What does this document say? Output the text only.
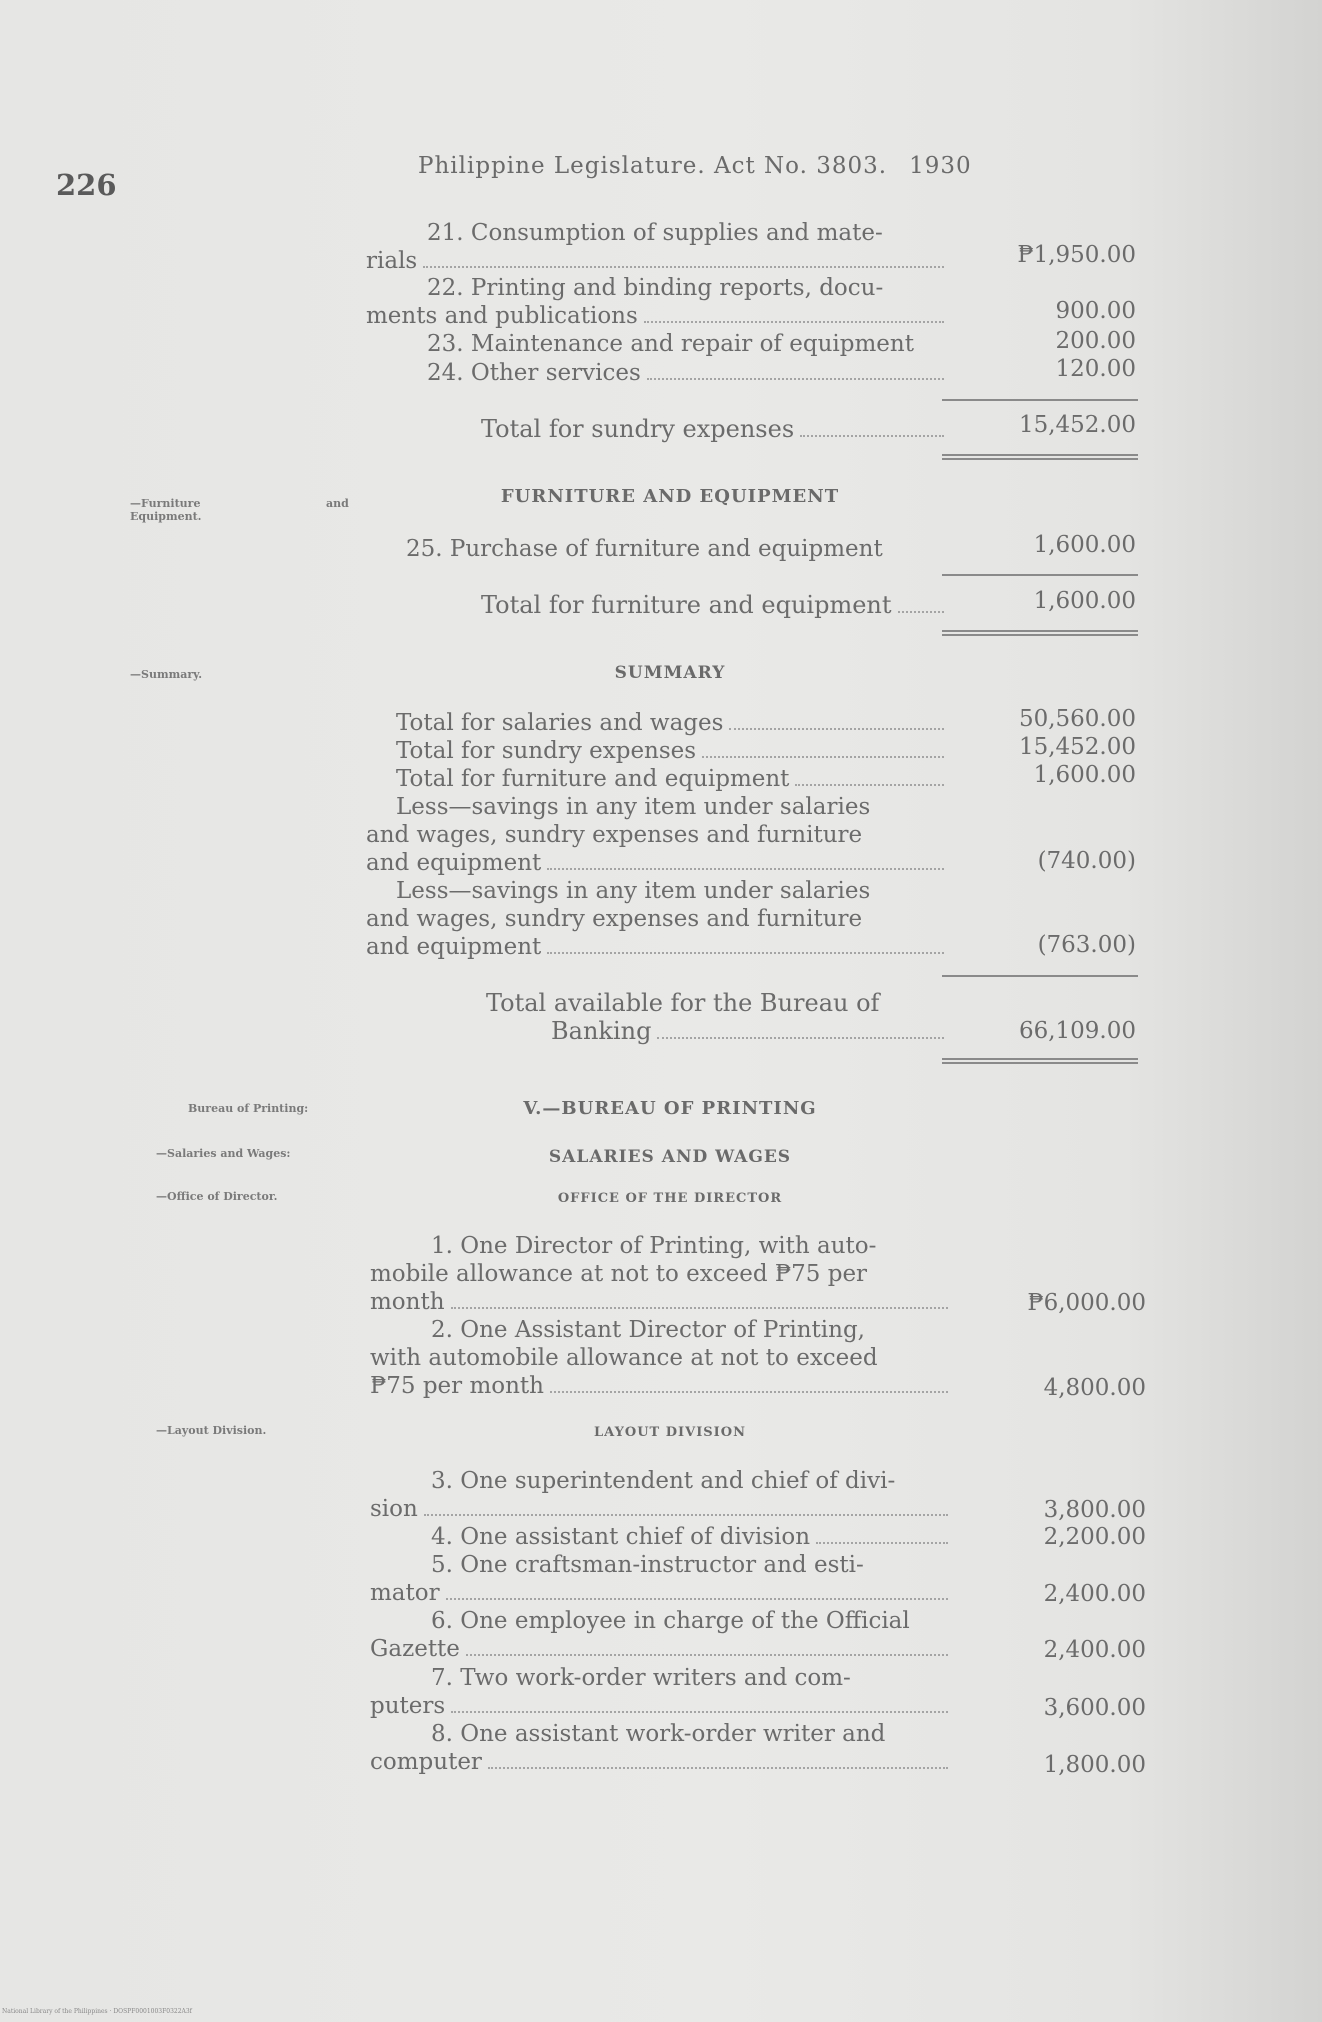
226
Philippine Legislature. Act No. 3803. 1930

21. Consumption of supplies and mate-

rials	₱1,950.00

22. Printing and binding reports, docu-

ments and publications	900.00
23. Maintenance and repair of equipment	200.00
24. Other services	120.00
Total for sundry expenses	15,452.00
—Furniture	and

Equipment.
FURNITURE AND EQUIPMENT
25. Purchase of furniture and equipment	1,600.00
Total for furniture and equipment	1,600.00
—Summary.	SUMMARY
Total for salaries and wages	50,560.00
Total for sundry expenses	15,452.00
Total for furniture and equipment	1,600.00

Less—savings in any item under salaries

and wages, sundry expenses and furniture

and equipment	(740.00)

Less—savings in any item under salaries

and wages, sundry expenses and furniture

and equipment	(763.00)

Total available for the Bureau of

Banking	66,109.00
Bureau of Printing:	V.—BUREAU OF PRINTING
—Salaries and Wages:	SALARIES AND WAGES
—Office of Director.	OFFICE OF THE DIRECTOR

1. One Director of Printing, with auto-

mobile allowance at not to exceed ₱75 per

month	₱6,000.00

2. One Assistant Director of Printing,

with automobile allowance at not to exceed

₱75 per month	4,800.00
—Layout Division.	LAYOUT DIVISION

3. One superintendent and chief of divi-

sion	3,800.00
4. One assistant chief of division	2,200.00

5. One craftsman-instructor and esti-

mator	2,400.00

6. One employee in charge of the Official

Gazette	2,400.00

7. Two work-order writers and com-

puters	3,600.00

8. One assistant work-order writer and

computer	1,800.00
National Library of the Philippines · DOSPF0001003F0322A3f
